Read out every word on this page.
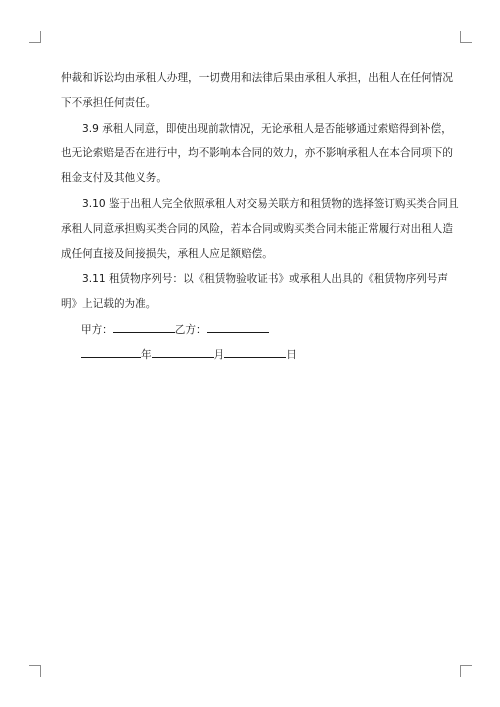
仲裁和诉讼均由承租人办理，一切费用和法律后果由承租人承担，出租人在任何情况
下不承担任何责任。

3.9 承租人同意，即使出现前款情况，无论承租人是否能够通过索赔得到补偿，
也无论索赔是否在进行中，均不影响本合同的效力，亦不影响承租人在本合同项下的
租金支付及其他义务。

3.10 鉴于出租人完全依照承租人对交易关联方和租赁物的选择签订购买类合同且
承租人同意承担购买类合同的风险，若本合同或购买类合同未能正常履行对出租人造
成任何直接及间接损失，承租人应足额赔偿。

3.11 租赁物序列号：以《租赁物验收证书》或承租人出具的《租赁物序列号声
明》上记载的为准。

甲方：	乙方：
年	月	日
